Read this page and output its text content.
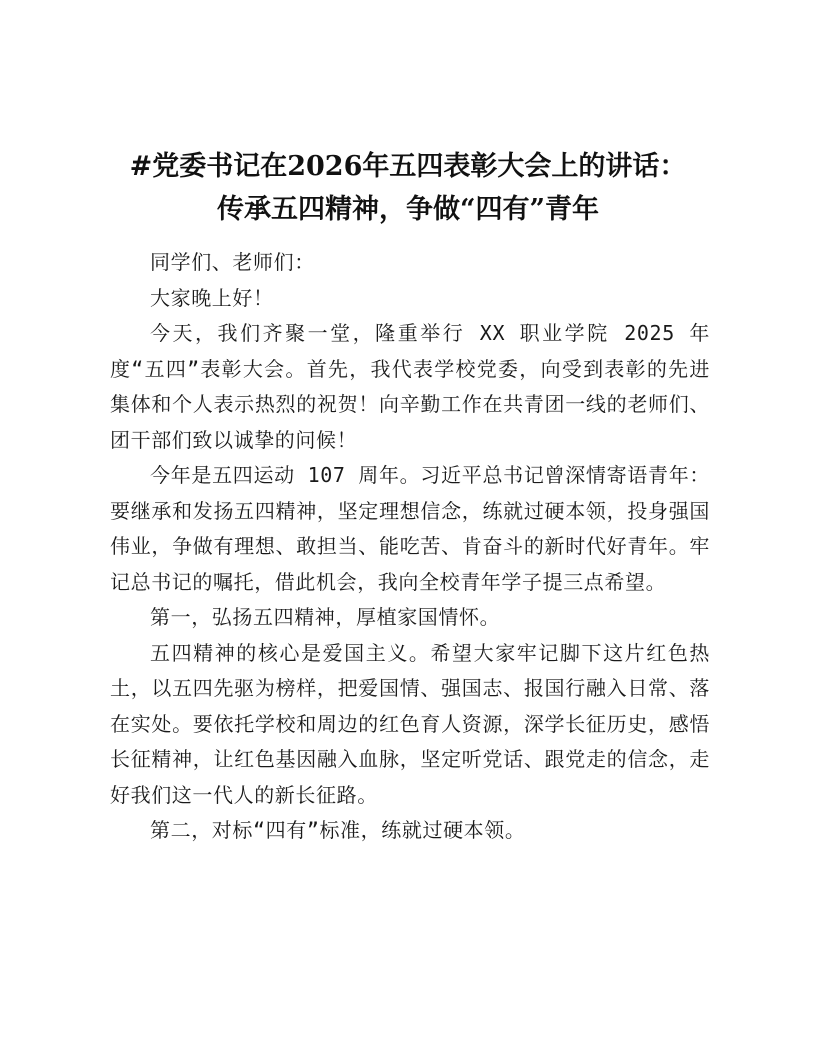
#党委书记在2026年五四表彰大会上的讲话：
传承五四精神，争做“四有”青年

同学们、老师们：

大家晚上好！

今天，我们齐聚一堂，隆重举行 XX 职业学院 2025 年度“五四”表彰大会。首先，我代表学校党委，向受到表彰的先进集体和个人表示热烈的祝贺！向辛勤工作在共青团一线的老师们、团干部们致以诚挚的问候！

今年是五四运动 107 周年。习近平总书记曾深情寄语青年：要继承和发扬五四精神，坚定理想信念，练就过硬本领，投身强国伟业，争做有理想、敢担当、能吃苦、肯奋斗的新时代好青年。牢记总书记的嘱托，借此机会，我向全校青年学子提三点希望。

第一，弘扬五四精神，厚植家国情怀。

五四精神的核心是爱国主义。希望大家牢记脚下这片红色热土，以五四先驱为榜样，把爱国情、强国志、报国行融入日常、落在实处。要依托学校和周边的红色育人资源，深学长征历史，感悟长征精神，让红色基因融入血脉，坚定听党话、跟党走的信念，走好我们这一代人的新长征路。

第二，对标“四有”标准，练就过硬本领。
